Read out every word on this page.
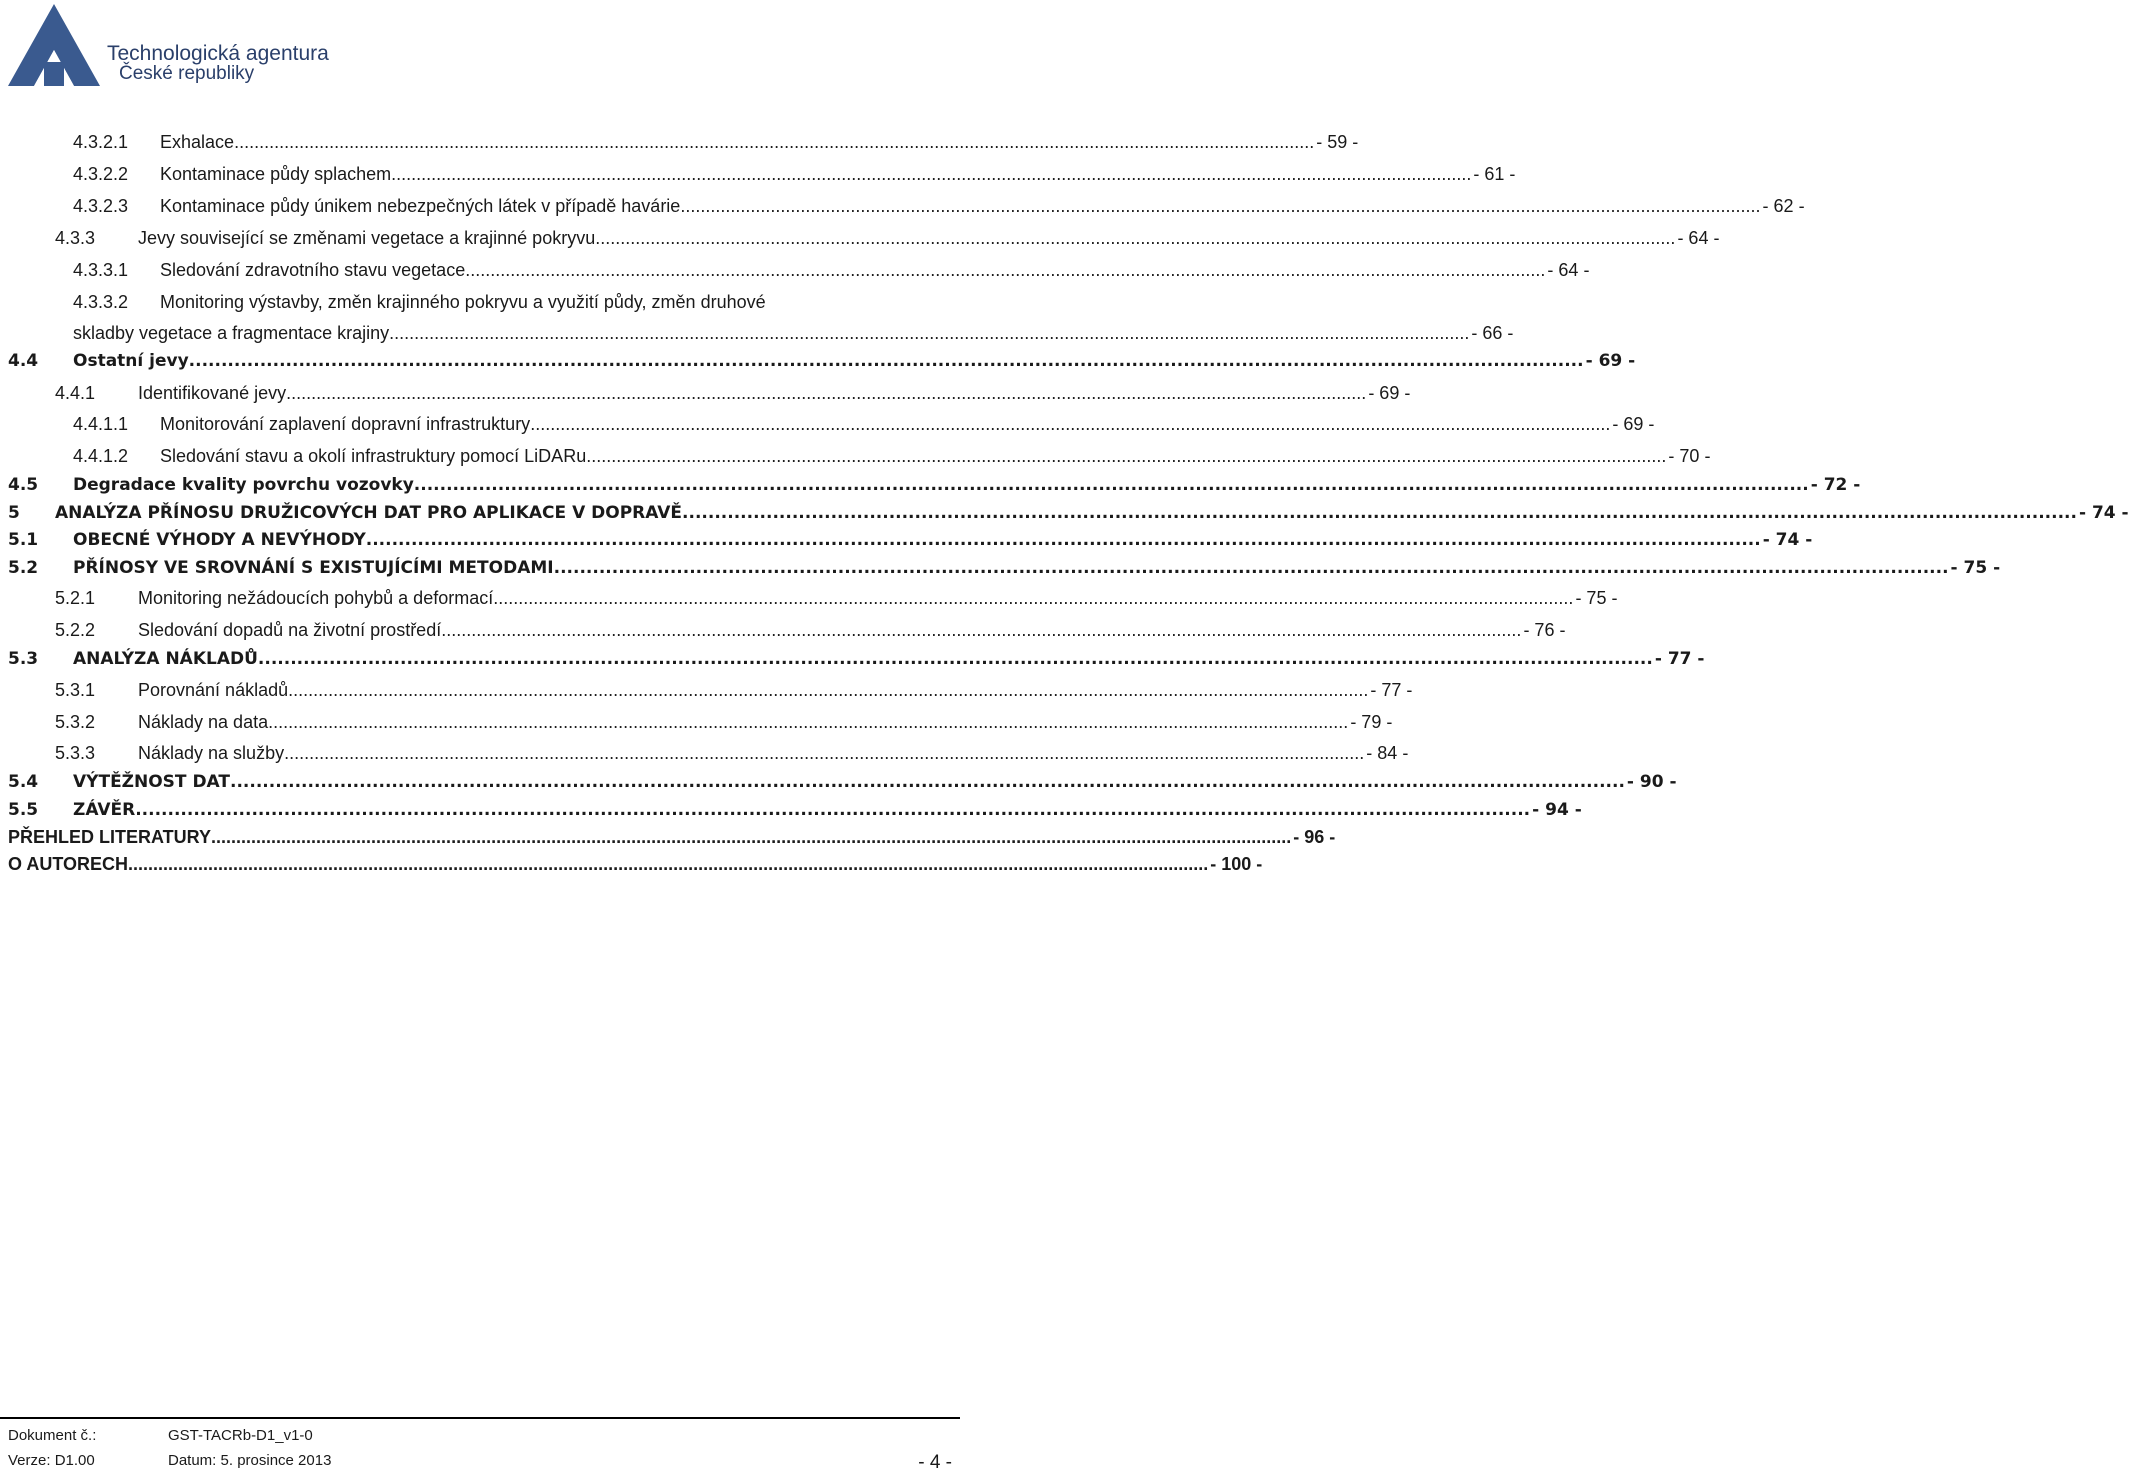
Technologická agentura
České republiky
4.3.2.1	Exhalace .....	- 59 -
4.3.2.2	Kontaminace půdy splachem .....	- 61 -
4.3.2.3	Kontaminace půdy únikem nebezpečných látek v případě havárie .....	- 62 -
4.3.3	Jevy související se změnami vegetace a krajinné pokryvu .....	- 64 -
4.3.3.1	Sledování zdravotního stavu vegetace .....	- 64 -
4.3.3.2	Monitoring výstavby, změn krajinného pokryvu a využití půdy, změn druhové
skladby vegetace a fragmentace krajiny .....	- 66 -
4.4	Ostatní jevy .....	- 69 -
4.4.1	Identifikované jevy .....	- 69 -
4.4.1.1	Monitorování zaplavení dopravní infrastruktury .....	- 69 -
4.4.1.2	Sledování stavu a okolí infrastruktury pomocí LiDARu .....	- 70 -
4.5	Degradace kvality povrchu vozovky .....	- 72 -
5	ANALÝZA PŘÍNOSU DRUŽICOVÝCH DAT PRO APLIKACE V DOPRAVĚ .....	- 74 -
5.1	OBECNÉ VÝHODY A NEVÝHODY .....	- 74 -
5.2	PŘÍNOSY VE SROVNÁNÍ S EXISTUJÍCÍMI METODAMI .....	- 75 -
5.2.1	Monitoring nežádoucích pohybů a deformací .....	- 75 -
5.2.2	Sledování dopadů na životní prostředí .....	- 76 -
5.3	ANALÝZA NÁKLADŮ .....	- 77 -
5.3.1	Porovnání nákladů .....	- 77 -
5.3.2	Náklady na data .....	- 79 -
5.3.3	Náklady na služby .....	- 84 -
5.4	VÝTĚŽNOST DAT .....	- 90 -
5.5	ZÁVĚR .....	- 94 -
PŘEHLED LITERATURY .....	- 96 -
O AUTORECH .....	- 100 -
Dokument č.:	GST-TACRb-D1_v1-0
Verze: D1.00	Datum: 5. prosince 2013	- 4 -
